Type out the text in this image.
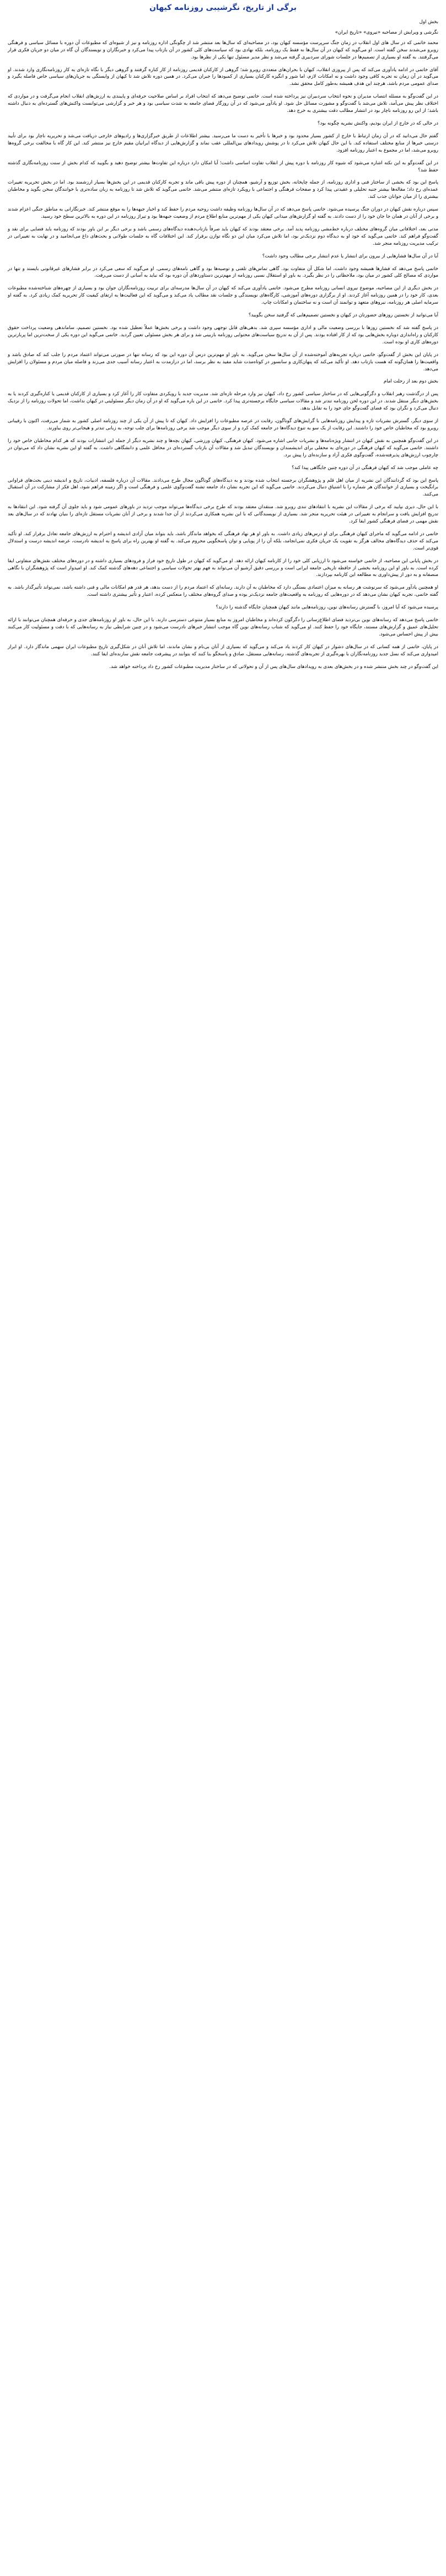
برگی از تاریخ، نگرشیبی روزنامه کیهان

بخش اول

نگرشی و ویرایش از مصاحبه «نیروی» «تاریخ ایران»

محمد خاتمی که در سال های اول انقلاب در زمان جنگ سرپرست مؤسسه کیهان بود، در مصاحبه‌ای که سال‌ها بعد منتشر شد از چگونگی اداره روزنامه و نیز از شیوه‌ای که مطبوعات آن دوره با مسائل سیاسی و فرهنگی روبرو می‌شدند سخن گفته است. او می‌گوید که کیهان در آن سال‌ها نه فقط یک روزنامه، بلکه نهادی بود که سیاست‌های کلی کشور در آن بازتاب پیدا می‌کرد و خبرنگاران و نویسندگان آن گاه در میان دو جریان فکری قرار می‌گرفتند. به گفته او بسیاری از تصمیم‌ها در جلسات شورای سردبیری گرفته می‌شد و نظر مدیر مسئول تنها یکی از نظرها بود.

آقای خاتمی در ادامه یادآوری می‌کند که پس از پیروزی انقلاب، کیهان با بحران‌های متعددی روبرو شد؛ گروهی از کارکنان قدیمی روزنامه از کار کناره گرفتند و گروهی دیگر با نگاه تازه‌ای به کار روزنامه‌نگاری وارد شدند. او می‌گوید در آن زمان نه تجربه کافی وجود داشت و نه امکانات لازم، اما شور و انگیزه کارکنان بسیاری از کمبودها را جبران می‌کرد. در همین دوره تلاش شد تا کیهان از وابستگی به جریان‌های سیاسی خاص فاصله بگیرد و صدای عمومی مردم باشد، هرچند این هدف همیشه به‌طور کامل محقق نشد.

در این گفت‌وگو به مسئله انتصاب مدیران و نحوه انتخاب سردبیران نیز پرداخته شده است. خاتمی توضیح می‌دهد که انتخاب افراد بر اساس صلاحیت حرفه‌ای و پایبندی به ارزش‌های انقلاب انجام می‌گرفت و در مواردی که اختلاف نظر پیش می‌آمد، تلاش می‌شد با گفت‌وگو و مشورت مسائل حل شود. او یادآور می‌شود که در آن روزگار فضای جامعه به شدت سیاسی بود و هر خبر و گزارشی می‌توانست واکنش‌های گسترده‌ای به دنبال داشته باشد؛ از این رو روزنامه ناچار بود در انتشار مطالب دقت بیشتری به خرج دهد.

در حالی که در خارج از ایران بودیم، واکنش نشریه چگونه بود؟

گفتم حال می‌دانید که در آن زمان ارتباط با خارج از کشور بسیار محدود بود و خبرها با تأخیر به دست ما می‌رسید. بیشتر اطلاعات از طریق خبرگزاری‌ها و رادیوهای خارجی دریافت می‌شد و تحریریه ناچار بود برای تأیید درستی خبرها از منابع مختلف استفاده کند. با این حال کیهان تلاش می‌کرد تا در پوشش رویدادهای بین‌المللی عقب نماند و گزارش‌هایی از دیدگاه ایرانیان مقیم خارج نیز منتشر کند. این کار گاه با مخالفت برخی گروه‌ها روبرو می‌شد، اما در مجموع به اعتبار روزنامه افزود.

در این گفت‌وگو به این نکته اشاره می‌شود که شیوه کار روزنامه با دوره پیش از انقلاب تفاوت اساسی داشت؛ آیا امکان دارد درباره این تفاوت‌ها بیشتر توضیح دهید و بگویید که کدام بخش از سنت روزنامه‌نگاری گذشته حفظ شد؟

پاسخ این بود که بخشی از ساختار فنی و اداری روزنامه، از جمله چاپخانه، بخش توزیع و آرشیو، همچنان از دوره پیش باقی ماند و تجربه کارکنان قدیمی در این بخش‌ها بسیار ارزشمند بود. اما در بخش تحریریه تغییرات عمده‌ای رخ داد؛ مقاله‌ها بیشتر جنبه تحلیلی و عقیدتی پیدا کرد و صفحات فرهنگی و اجتماعی با رویکرد تازه‌ای منتشر می‌شد. خاتمی می‌گوید که تلاش شد تا روزنامه به زبان ساده‌تری با خوانندگان سخن بگوید و مخاطبان بیشتری را از میان جوانان جذب کند.

سپس درباره نقش کیهان در دوران جنگ پرسیده می‌شود. خاتمی پاسخ می‌دهد که در آن سال‌ها روزنامه وظیفه داشت روحیه مردم را حفظ کند و اخبار جبهه‌ها را به موقع منتشر کند. خبرنگارانی به مناطق جنگی اعزام شدند و برخی از آنان در همان جا جان خود را از دست دادند. به گفته او گزارش‌های میدانی کیهان یکی از مهم‌ترین منابع اطلاع مردم از وضعیت جبهه‌ها بود و تیراژ روزنامه در این دوره به بالاترین سطح خود رسید.

مدتی بعد، اختلافاتی میان گروه‌های مختلف درباره خط‌مشی روزنامه پدید آمد. برخی معتقد بودند که کیهان باید صرفاً بازتاب‌دهنده دیدگاه‌های رسمی باشد و برخی دیگر بر این باور بودند که روزنامه باید فضایی برای نقد و گفت‌وگو فراهم کند. خاتمی می‌گوید که خود او به دیدگاه دوم نزدیک‌تر بود، اما تلاش می‌کرد میان این دو نگاه توازن برقرار کند. این اختلافات گاه به جلسات طولانی و بحث‌های داغ می‌انجامید و در نهایت به تغییراتی در ترکیب مدیریت روزنامه منجر شد.

آیا در آن سال‌ها فشارهایی از بیرون برای انتشار یا عدم انتشار برخی مطالب وجود داشت؟

خاتمی پاسخ می‌دهد که فشارها همیشه وجود داشت، اما شکل آن متفاوت بود. گاهی تماس‌های تلفنی و توصیه‌ها بود و گاهی نامه‌های رسمی. او می‌گوید که سعی می‌کرد در برابر فشارهای غیرقانونی بایستد و تنها در مواردی که مصالح کلی کشور در میان بود، ملاحظاتی را در نظر بگیرد. به باور او استقلال نسبی روزنامه از مهم‌ترین دستاوردهای آن دوره بود که نباید به آسانی از دست می‌رفت.

در بخش دیگری از این مصاحبه، موضوع نیروی انسانی روزنامه مطرح می‌شود. خاتمی یادآوری می‌کند که کیهان در آن سال‌ها مدرسه‌ای برای تربیت روزنامه‌نگاران جوان بود و بسیاری از چهره‌های شناخته‌شده مطبوعات بعدی، کار خود را در همین روزنامه آغاز کردند. او از برگزاری دوره‌های آموزشی، کارگاه‌های نویسندگی و جلسات نقد مطالب یاد می‌کند و می‌گوید که این فعالیت‌ها به ارتقای کیفیت کار تحریریه کمک زیادی کرد. به گفته او سرمایه اصلی هر روزنامه، نیروهای متعهد و توانمند آن است و نه ساختمان و امکانات چاپ.

آیا می‌توانید از نخستین روزهای حضورتان در کیهان و نخستین تصمیم‌هایی که گرفتید سخن بگویید؟

در پاسخ گفته شد که نخستین روزها با بررسی وضعیت مالی و اداری مؤسسه سپری شد. بدهی‌های قابل توجهی وجود داشت و برخی بخش‌ها عملاً تعطیل شده بود. نخستین تصمیم، ساماندهی وضعیت پرداخت حقوق کارکنان و راه‌اندازی دوباره بخش‌هایی بود که از کار افتاده بودند. پس از آن به تدریج سیاست‌های محتوایی روزنامه بازبینی شد و برای هر بخش مسئولی تعیین گردید. خاتمی می‌گوید این دوره یکی از سخت‌ترین اما پربارترین دوره‌های کاری او بوده است.

در پایان این بخش از گفت‌وگو، خاتمی درباره تجربه‌های آموخته‌شده از آن سال‌ها سخن می‌گوید. به باور او مهم‌ترین درس آن دوره این بود که رسانه تنها در صورتی می‌تواند اعتماد مردم را جلب کند که صادق باشد و واقعیت‌ها را همان‌گونه که هست بازتاب دهد. او تأکید می‌کند که پنهان‌کاری و سانسور در کوتاه‌مدت شاید مفید به نظر برسد، اما در درازمدت به اعتبار رسانه آسیب جدی می‌زند و فاصله میان مردم و مسئولان را افزایش می‌دهد.

بخش دوم بعد از رحلت امام

پس از درگذشت رهبر انقلاب و دگرگونی‌هایی که در ساختار سیاسی کشور رخ داد، کیهان نیز وارد مرحله تازه‌ای شد. مدیریت جدید با رویکردی متفاوت کار را آغاز کرد و بسیاری از کارکنان قدیمی یا کناره‌گیری کردند یا به بخش‌های دیگر منتقل شدند. در این دوره لحن روزنامه تندتر شد و مقالات سیاسی جایگاه برجسته‌تری پیدا کرد. خاتمی در این باره می‌گوید که او در آن زمان دیگر مسئولیتی در کیهان نداشت، اما تحولات روزنامه را از نزدیک دنبال می‌کرد و نگران بود که فضای گفت‌وگو جای خود را به تقابل بدهد.

از سوی دیگر، گسترش نشریات تازه و پیدایش روزنامه‌هایی با گرایش‌های گوناگون، رقابت در عرصه مطبوعات را افزایش داد. کیهان که تا پیش از آن یکی از چند روزنامه اصلی کشور به شمار می‌رفت، اکنون با رقیبانی روبرو بود که مخاطبان خاص خود را داشتند. این رقابت از یک سو به تنوع دیدگاه‌ها در جامعه کمک کرد و از سوی دیگر موجب شد برخی روزنامه‌ها برای جلب توجه، به زبانی تندتر و هیجانی‌تر روی بیاورند.

در این گفت‌وگو همچنین به نقش کیهان در انتشار ویژه‌نامه‌ها و نشریات جانبی اشاره می‌شود. کیهان فرهنگی، کیهان ورزشی، کیهان بچه‌ها و چند نشریه دیگر از جمله این انتشارات بودند که هر کدام مخاطبان خاص خود را داشتند. خاتمی می‌گوید که کیهان فرهنگی در دوره‌ای به محفلی برای اندیشمندان و نویسندگان تبدیل شد و مقالات آن بازتاب گسترده‌ای در محافل علمی و دانشگاهی داشت. به گفته او این نشریه نشان داد که می‌توان در چارچوب ارزش‌های پذیرفته‌شده، گفت‌وگوی فکری آزاد و سازنده‌ای را پیش برد.

چه عاملی موجب شد که کیهان فرهنگی در آن دوره چنین جایگاهی پیدا کند؟

پاسخ این بود که گردانندگان این نشریه از میان اهل قلم و پژوهشگران برجسته انتخاب شده بودند و به دیدگاه‌های گوناگون مجال طرح می‌دادند. مقالات آن درباره فلسفه، ادبیات، تاریخ و اندیشه دینی بحث‌های فراوانی برانگیخت و بسیاری از خوانندگان هر شماره را با اشتیاق دنبال می‌کردند. خاتمی می‌گوید که این تجربه نشان داد جامعه تشنه گفت‌وگوی علمی و فرهنگی است و اگر زمینه فراهم شود، اهل فکر از مشارکت در آن استقبال می‌کنند.

با این حال، دیری نپایید که برخی از مقالات این نشریه با انتقادهای تندی روبرو شد. منتقدان معتقد بودند که طرح برخی دیدگاه‌ها می‌تواند موجب تردید در باورهای عمومی شود و باید جلوی آن گرفته شود. این انتقادها به تدریج افزایش یافت و سرانجام به تغییراتی در هیئت تحریریه منجر شد. بسیاری از نویسندگانی که با این نشریه همکاری می‌کردند از آن جدا شدند و برخی از آنان نشریات مستقل تازه‌ای را بنیان نهادند که در سال‌های بعد نقش مهمی در فضای فرهنگی کشور ایفا کرد.

خاتمی در ادامه می‌گوید که ماجرای کیهان فرهنگی برای او درس‌های زیادی داشت. به باور او هر نهاد فرهنگی که بخواهد ماندگار باشد، باید بتواند میان آزادی اندیشه و احترام به ارزش‌های جامعه تعادل برقرار کند. او تأکید می‌کند که حذف دیدگاه‌های مخالف هرگز به تقویت یک جریان فکری نمی‌انجامد، بلکه آن را از پویایی و توان پاسخگویی محروم می‌کند. به گفته او بهترین راه برای پاسخ به اندیشه نادرست، عرضه اندیشه درست و استدلال قوی‌تر است.

در بخش پایانی این مصاحبه، از خاتمی خواسته می‌شود تا ارزیابی کلی خود را از کارنامه کیهان ارائه دهد. او می‌گوید که کیهان در طول تاریخ خود فراز و فرودهای بسیاری داشته و در دوره‌های مختلف نقش‌های متفاوتی ایفا کرده است. به باور او این روزنامه بخشی از حافظه تاریخی جامعه ایرانی است و بررسی دقیق آرشیو آن می‌تواند به فهم بهتر تحولات سیاسی و اجتماعی دهه‌های گذشته کمک کند. او امیدوار است که پژوهشگران با نگاهی منصفانه و به دور از پیش‌داوری به مطالعه این کارنامه بپردازند.

او همچنین یادآور می‌شود که سرنوشت هر رسانه به میزان اعتمادی بستگی دارد که مخاطبان به آن دارند. رسانه‌ای که اعتماد مردم را از دست بدهد، هر قدر هم امکانات مالی و فنی داشته باشد، نمی‌تواند تأثیرگذار باشد. به گفته خاتمی، تجربه کیهان نشان می‌دهد که در دوره‌هایی که روزنامه به واقعیت‌های جامعه نزدیک‌تر بوده و صدای گروه‌های مختلف را منعکس کرده، اعتبار و تأثیر بیشتری داشته است.

پرسیده می‌شود که آیا امروز، با گسترش رسانه‌های نوین، روزنامه‌هایی مانند کیهان همچنان جایگاه گذشته را دارند؟

خاتمی پاسخ می‌دهد که رسانه‌های نوین بی‌تردید فضای اطلاع‌رسانی را دگرگون کرده‌اند و مخاطبان امروز به منابع بسیار متنوعی دسترسی دارند. با این حال، به باور او روزنامه‌های جدی و حرفه‌ای همچنان می‌توانند با ارائه تحلیل‌های عمیق و گزارش‌های مستند، جایگاه خود را حفظ کنند. او می‌گوید که شتاب رسانه‌های نوین گاه موجب انتشار خبرهای نادرست می‌شود و در چنین شرایطی نیاز به رسانه‌هایی که با دقت و مسئولیت کار می‌کنند بیش از پیش احساس می‌شود.

در پایان، خاتمی از همه کسانی که در سال‌های دشوار در کیهان کار کردند یاد می‌کند و می‌گوید که بسیاری از آنان بی‌نام و نشان ماندند، اما تلاش آنان در شکل‌گیری تاریخ مطبوعات ایران سهمی ماندگار دارد. او ابراز امیدواری می‌کند که نسل جدید روزنامه‌نگاران با بهره‌گیری از تجربه‌های گذشته، رسانه‌هایی مستقل، صادق و پاسخگو بنا کنند که بتوانند در پیشرفت جامعه نقش سازنده‌ای ایفا کنند.

این گفت‌وگو در چند بخش منتشر شده و در بخش‌های بعدی به رویدادهای سال‌های پس از آن و تحولاتی که در ساختار مدیریت مطبوعات کشور رخ داد پرداخته خواهد شد.
